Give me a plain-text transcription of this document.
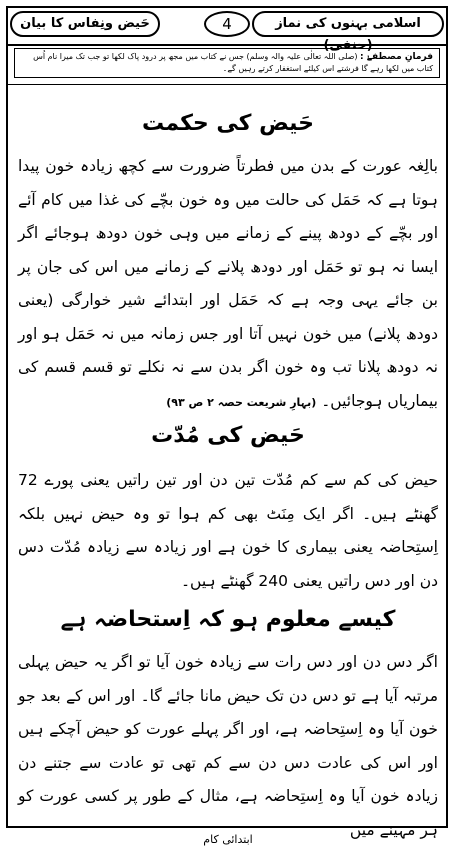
اسلامی بہنوں کی نماز (حنفی)
4
حَیض ونِفاس کا بیان
فرمانِ مصطفےٰ : (صلی اللہ تعالٰی علیہ والہ وسلم) جس نے کتاب میں مجھ پر درود پاک لکھا تو جب تک میرا نام اُس کتاب میں لکھا رہے گا فرشتے اس کیلئے استغفار کرتے رہیں گے۔
حَیض کی حکمت

بالِغہ عورت کے بدن میں فطرتاً ضرورت سے کچھ زیادہ خون پیدا ہوتا ہے کہ حَمَل کی حالت میں وہ خون بچّے کی غذا میں کام آئے اور بچّے کے دودھ پینے کے زمانے میں وہی خون دودھ ہوجائے اگر ایسا نہ ہو تو حَمَل اور دودھ پلانے کے زمانے میں اس کی جان پر بن جائے یہی وجہ ہے کہ حَمَل اور ابتدائے شیر خوارگی (یعنی دودھ پلانے) میں خون نہیں آتا اور جس زمانہ میں نہ حَمَل ہو اور نہ دودھ پلانا تب وہ خون اگر بدن سے نہ نکلے تو قسم قسم کی بیماریاں ہوجائیں۔ (بہارِ شریعت حصہ ۲ ص ۹۳)

حَیض کی مُدّت

حیض کی کم سے کم مُدّت تین دن اور تین راتیں یعنی پورے 72 گھنٹے ہیں۔ اگر ایک مِنَٹ بھی کم ہوا تو وہ حیض نہیں بلکہ اِستِحاضہ یعنی بیماری کا خون ہے اور زیادہ سے زیادہ مُدّت دس دن اور دس راتیں یعنی 240 گھنٹے ہیں۔

کیسے معلوم ہو کہ اِستحاضہ ہے

اگر دس دن اور دس رات سے زیادہ خون آیا تو اگر یہ حیض پہلی مرتبہ آیا ہے تو دس دن تک حیض مانا جائے گا۔ اور اس کے بعد جو خون آیا وہ اِستِحاضہ ہے، اور اگر پہلے عورت کو حیض آچکے ہیں اور اس کی عادت دس دن سے کم تھی تو عادت سے جتنے دن زیادہ خون آیا وہ اِستِحاضہ ہے، مثال کے طور پر کسی عورت کو ہر مہینے میں

ابتدائی کام
